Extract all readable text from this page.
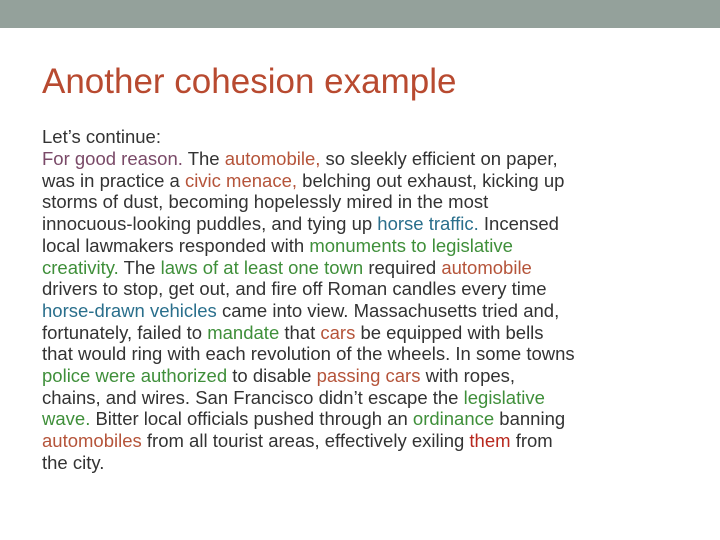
Another cohesion example
Let’s continue:
For good reason. The automobile, so sleekly efficient on paper,
was in practice a civic menace, belching out exhaust, kicking up
storms of dust, becoming hopelessly mired in the most
innocuous-looking puddles, and tying up horse traffic. Incensed
local lawmakers responded with monuments to legislative
creativity. The laws of at least one town required automobile
drivers to stop, get out, and fire off Roman candles every time
horse-drawn vehicles came into view. Massachusetts tried and,
fortunately, failed to mandate that cars be equipped with bells
that would ring with each revolution of the wheels. In some towns
police were authorized to disable passing cars with ropes,
chains, and wires. San Francisco didn’t escape the legislative
wave. Bitter local officials pushed through an ordinance banning
automobiles from all tourist areas, effectively exiling them from
the city.
